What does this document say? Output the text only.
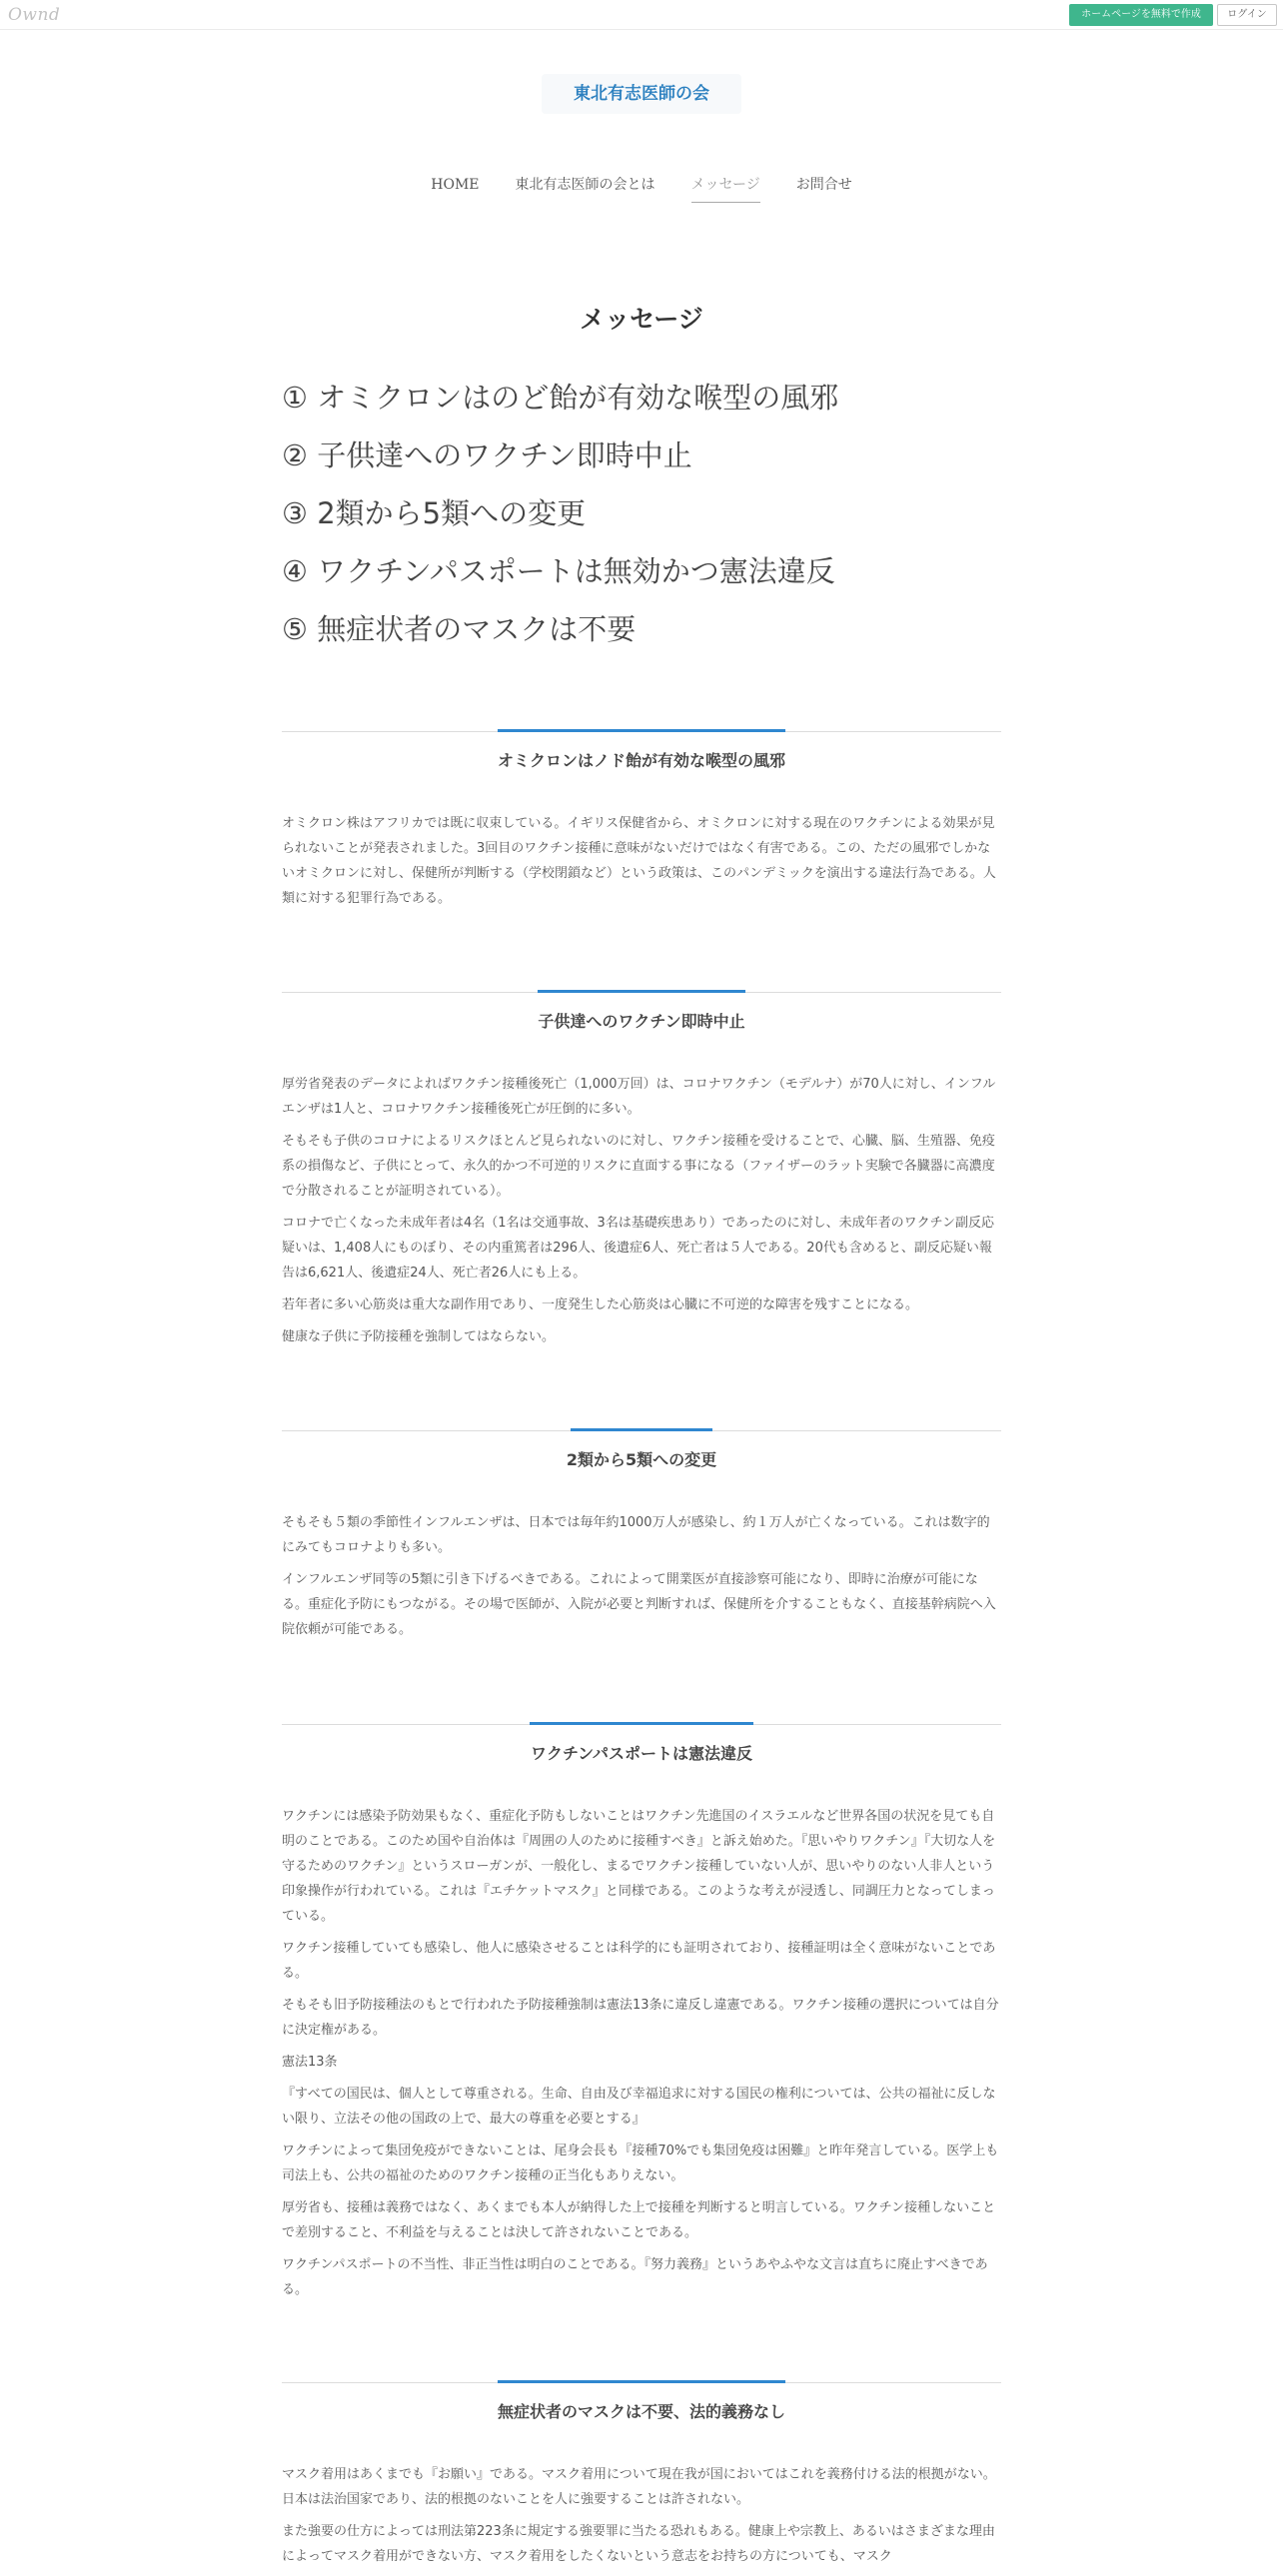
Ownd	ホームページを無料で作成	ログイン
東北有志医師の会
HOME	東北有志医師の会とは	メッセージ	お問合せ
メッセージ
① オミクロンはのど飴が有効な喉型の風邪
② 子供達へのワクチン即時中止
③ 2類から5類への変更
④ ワクチンパスポートは無効かつ憲法違反
⑤ 無症状者のマスクは不要
オミクロンはノド飴が有効な喉型の風邪

オミクロン株はアフリカでは既に収束している。イギリス保健省から、オミクロンに対する現在のワクチンによる効果が見られないことが発表されました。3回目のワクチン接種に意味がないだけではなく有害である。この、ただの風邪でしかないオミクロンに対し、保健所が判断する（学校閉鎖など）という政策は、このパンデミックを演出する違法行為である。人類に対する犯罪行為である。

子供達へのワクチン即時中止

厚労省発表のデータによればワクチン接種後死亡（1,000万回）は、コロナワクチン（モデルナ）が70人に対し、インフルエンザは1人と、コロナワクチン接種後死亡が圧倒的に多い。

そもそも子供のコロナによるリスクほとんど見られないのに対し、ワクチン接種を受けることで、心臓、脳、生殖器、免疫系の損傷など、子供にとって、永久的かつ不可逆的リスクに直面する事になる（ファイザーのラット実験で各臓器に高濃度で分散されることが証明されている）。

コロナで亡くなった未成年者は4名（1名は交通事故、3名は基礎疾患あり）であったのに対し、未成年者のワクチン副反応疑いは、1,408人にものぼり、その内重篤者は296人、後遺症6人、死亡者は５人である。20代も含めると、副反応疑い報告は6,621人、後遺症24人、死亡者26人にも上る。

若年者に多い心筋炎は重大な副作用であり、一度発生した心筋炎は心臓に不可逆的な障害を残すことになる。

健康な子供に予防接種を強制してはならない。

2類から5類への変更

そもそも５類の季節性インフルエンザは、日本では毎年約1000万人が感染し、約１万人が亡くなっている。これは数字的にみてもコロナよりも多い。

インフルエンザ同等の5類に引き下げるべきである。これによって開業医が直接診察可能になり、即時に治療が可能になる。重症化予防にもつながる。その場で医師が、入院が必要と判断すれば、保健所を介することもなく、直接基幹病院へ入院依頼が可能である。

ワクチンパスポートは憲法違反

ワクチンには感染予防効果もなく、重症化予防もしないことはワクチン先進国のイスラエルなど世界各国の状況を見ても自明のことである。このため国や自治体は『周囲の人のために接種すべき』と訴え始めた。『思いやりワクチン』『大切な人を守るためのワクチン』というスローガンが、一般化し、まるでワクチン接種していない人が、思いやりのない人非人という印象操作が行われている。これは『エチケットマスク』と同様である。このような考えが浸透し、同調圧力となってしまっている。

ワクチン接種していても感染し、他人に感染させることは科学的にも証明されており、接種証明は全く意味がないことである。

そもそも旧予防接種法のもとで行われた予防接種強制は憲法13条に違反し違憲である。ワクチン接種の選択については自分に決定権がある。

憲法13条

『すべての国民は、個人として尊重される。生命、自由及び幸福追求に対する国民の権利については、公共の福祉に反しない限り、立法その他の国政の上で、最大の尊重を必要とする』

ワクチンによって集団免疫ができないことは、尾身会長も『接種70%でも集団免疫は困難』と昨年発言している。医学上も司法上も、公共の福祉のためのワクチン接種の正当化もありえない。

厚労省も、接種は義務ではなく、あくまでも本人が納得した上で接種を判断すると明言している。ワクチン接種しないことで差別すること、不利益を与えることは決して許されないことである。

ワクチンパスポートの不当性、非正当性は明白のことである。『努力義務』というあやふやな文言は直ちに廃止すべきである。

無症状者のマスクは不要、法的義務なし

マスク着用はあくまでも『お願い』である。マスク着用について現在我が国においてはこれを義務付ける法的根拠がない。日本は法治国家であり、法的根拠のないことを人に強要することは許されない。

また強要の仕方によっては刑法第223条に規定する強要罪に当たる恐れもある。健康上や宗教上、あるいはさまざまな理由によってマスク着用ができない方、マスク着用をしたくないという意志をお持ちの方についても、マスク
